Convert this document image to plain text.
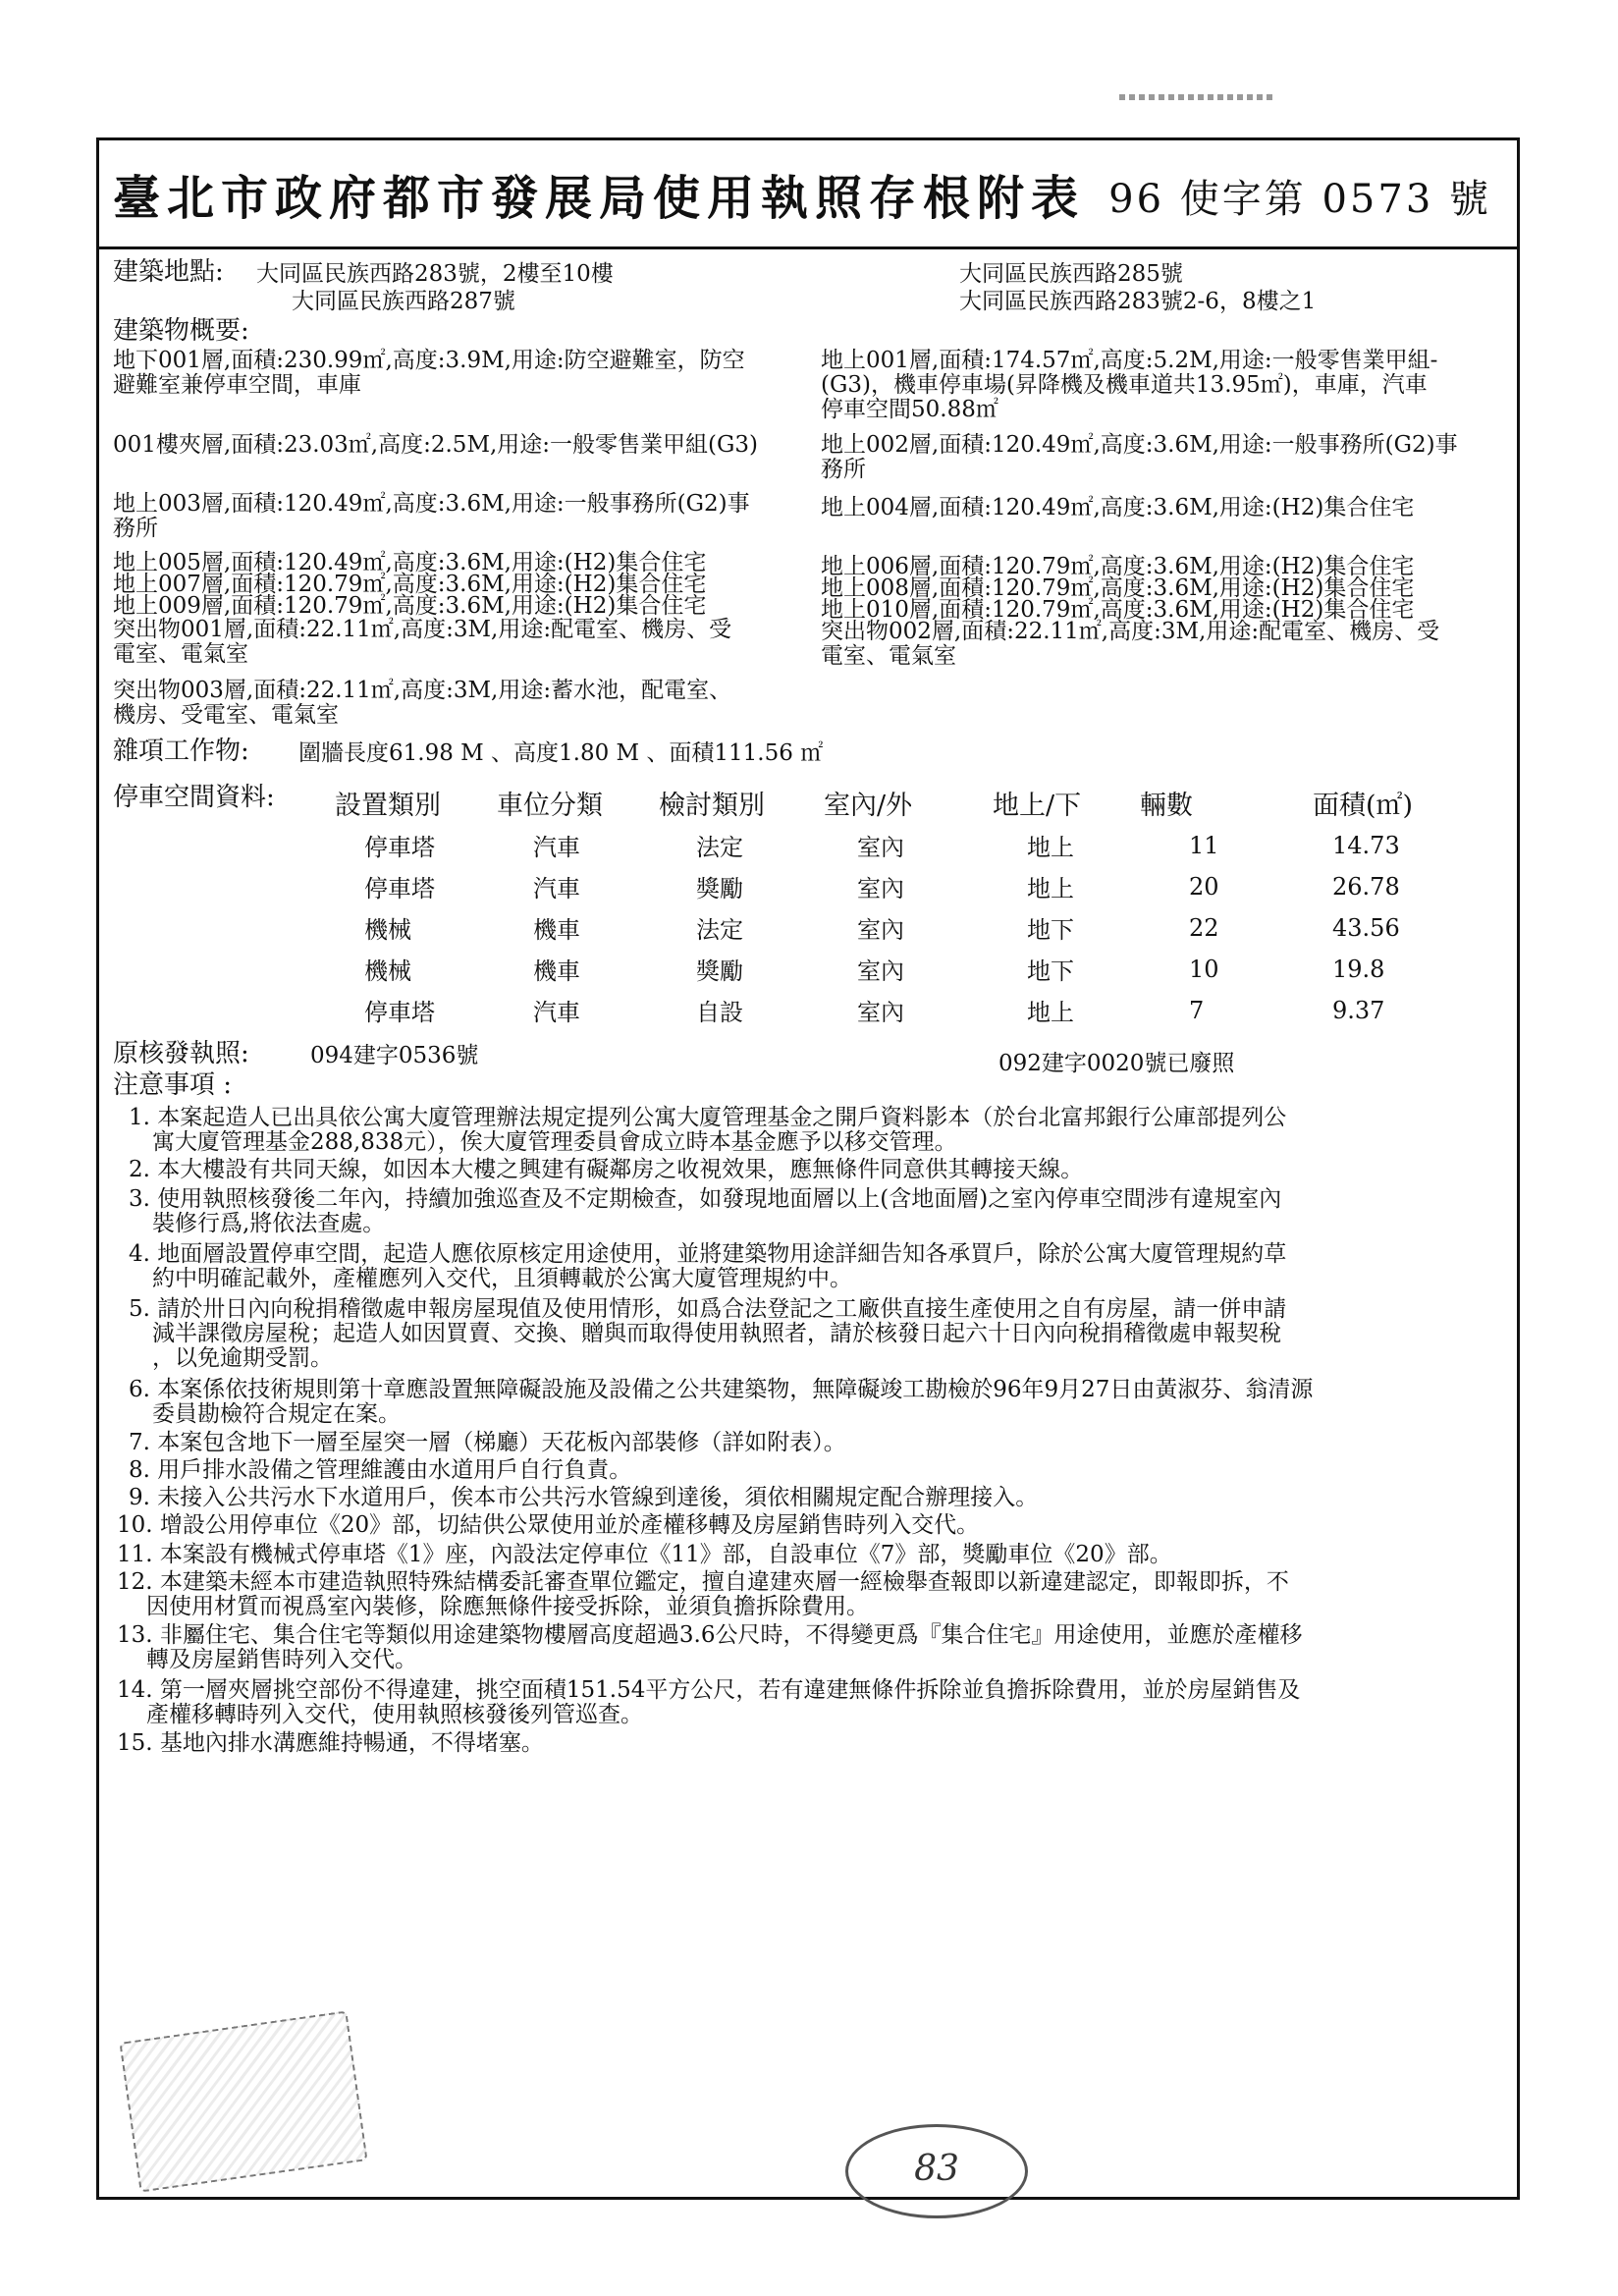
臺北市政府都市發展局使用執照存根附表 96 使字第 0573 號
建築地點: 大同區民族西路283號，2樓至10樓	大同區民族西路285號
大同區民族西路287號	大同區民族西路283號2-6，8樓之1
建築物概要:
地下001層,面積:230.99㎡,高度:3.9M,用途:防空避難室，防空
避難室兼停車空間，車庫
地上001層,面積:174.57㎡,高度:5.2M,用途:一般零售業甲組-
(G3)，機車停車場(昇降機及機車道共13.95㎡)，車庫，汽車
停車空間50.88㎡
001樓夾層,面積:23.03㎡,高度:2.5M,用途:一般零售業甲組(G3)	地上002層,面積:120.49㎡,高度:3.6M,用途:一般事務所(G2)事
務所
地上003層,面積:120.49㎡,高度:3.6M,用途:一般事務所(G2)事
務所
地上004層,面積:120.49㎡,高度:3.6M,用途:(H2)集合住宅
地上005層,面積:120.49㎡,高度:3.6M,用途:(H2)集合住宅	地上006層,面積:120.79㎡,高度:3.6M,用途:(H2)集合住宅
地上007層,面積:120.79㎡,高度:3.6M,用途:(H2)集合住宅	地上008層,面積:120.79㎡,高度:3.6M,用途:(H2)集合住宅
地上009層,面積:120.79㎡,高度:3.6M,用途:(H2)集合住宅	地上010層,面積:120.79㎡,高度:3.6M,用途:(H2)集合住宅
突出物001層,面積:22.11㎡,高度:3M,用途:配電室、機房、受
電室、電氣室
突出物002層,面積:22.11㎡,高度:3M,用途:配電室、機房、受
電室、電氣室
突出物003層,面積:22.11㎡,高度:3M,用途:蓄水池，配電室、
機房、受電室、電氣室
雜項工作物: 圍牆長度61.98 M 、高度1.80 M 、面積111.56 ㎡
停車空間資料: 設置類別 車位分類 檢討類別 室內/外	地上/下 輛數	面積(㎡)
停車塔	汽車	法定	室內	地上	11	14.73
停車塔	汽車	獎勵	室內	地上	20	26.78
機械	機車	法定	室內	地下	22	43.56
機械	機車	獎勵	室內	地下	10	19.8
停車塔	汽車	自設	室內	地上	7	9.37
原核發執照:	094建字0536號	092建字0020號已廢照
注意事項 :
1. 本案起造人已出具依公寓大廈管理辦法規定提列公寓大廈管理基金之開戶資料影本（於台北富邦銀行公庫部提列公
寓大廈管理基金288,838元），俟大廈管理委員會成立時本基金應予以移交管理。
2. 本大樓設有共同天線，如因本大樓之興建有礙鄰房之收視效果，應無條件同意供其轉接天線。
3. 使用執照核發後二年內，持續加強巡查及不定期檢查，如發現地面層以上(含地面層)之室內停車空間涉有違規室內
裝修行爲,將依法查處。
4. 地面層設置停車空間，起造人應依原核定用途使用，並將建築物用途詳細告知各承買戶，除於公寓大廈管理規約草
約中明確記載外，產權應列入交代，且須轉載於公寓大廈管理規約中。
5. 請於卅日內向稅捐稽徵處申報房屋現值及使用情形，如爲合法登記之工廠供直接生產使用之自有房屋，請一併申請
減半課徵房屋稅；起造人如因買賣、交換、贈與而取得使用執照者，請於核發日起六十日內向稅捐稽徵處申報契稅
，以免逾期受罰。
6. 本案係依技術規則第十章應設置無障礙設施及設備之公共建築物，無障礙竣工勘檢於96年9月27日由黃淑芬、翁清源
委員勘檢符合規定在案。
7. 本案包含地下一層至屋突一層（梯廳）天花板內部裝修（詳如附表）。
8. 用戶排水設備之管理維護由水道用戶自行負責。
9. 未接入公共污水下水道用戶，俟本市公共污水管線到達後，須依相關規定配合辦理接入。
10. 增設公用停車位《20》部，切結供公眾使用並於產權移轉及房屋銷售時列入交代。
11. 本案設有機械式停車塔《1》座，內設法定停車位《11》部，自設車位《7》部，獎勵車位《20》部。
12. 本建築未經本市建造執照特殊結構委託審查單位鑑定，擅自違建夾層一經檢舉查報即以新違建認定，即報即拆，不
因使用材質而視爲室內裝修，除應無條件接受拆除，並須負擔拆除費用。
13. 非屬住宅、集合住宅等類似用途建築物樓層高度超過3.6公尺時，不得變更爲『集合住宅』用途使用，並應於產權移
轉及房屋銷售時列入交代。
14. 第一層夾層挑空部份不得違建，挑空面積151.54平方公尺，若有違建無條件拆除並負擔拆除費用，並於房屋銷售及
產權移轉時列入交代，使用執照核發後列管巡查。
15. 基地內排水溝應維持暢通，不得堵塞。
83
